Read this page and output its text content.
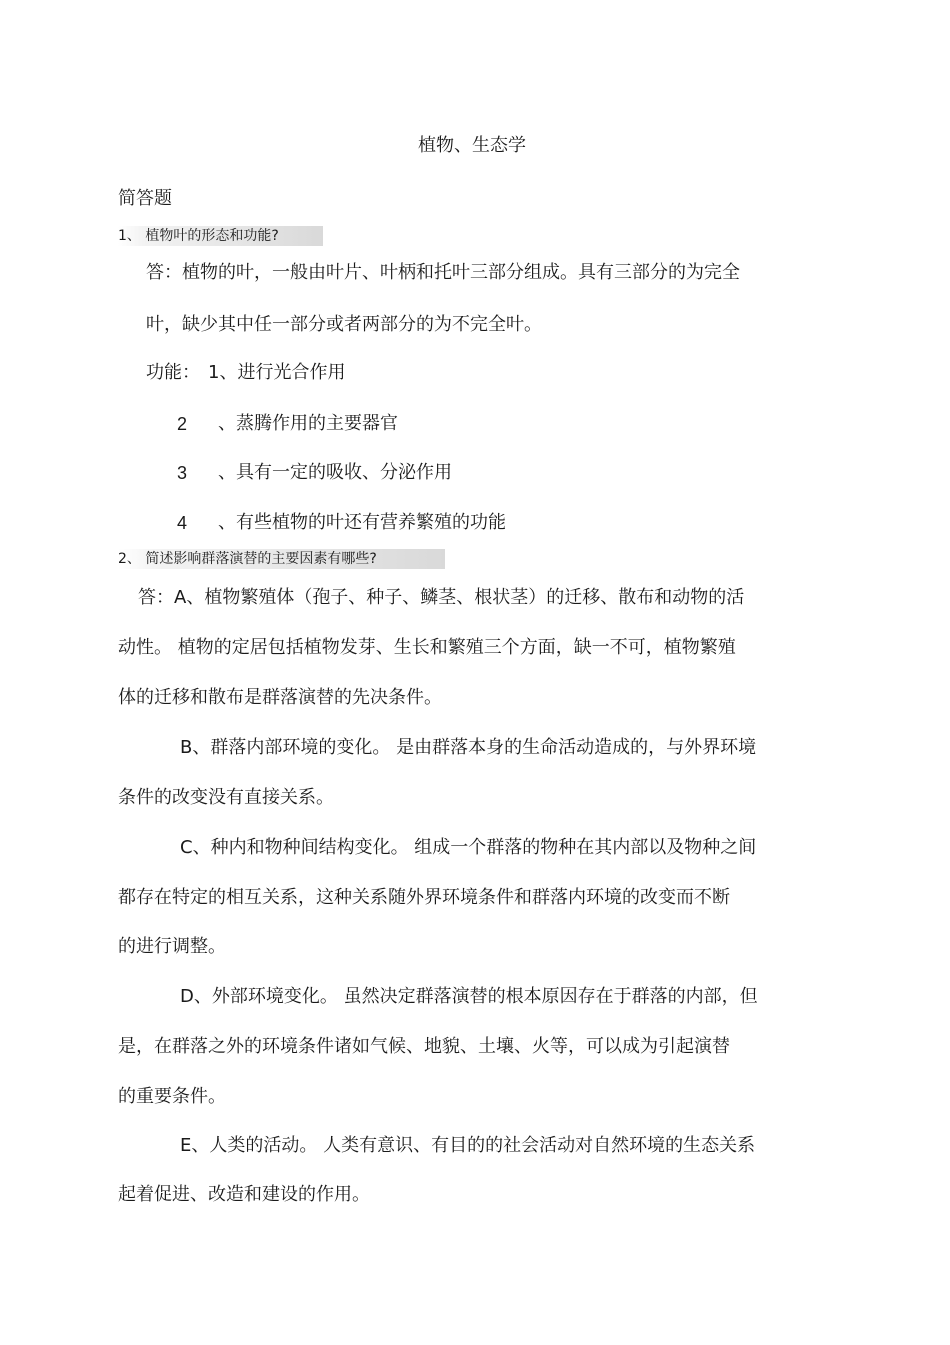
植物、生态学
简答题
1、 植物叶的形态和功能?
答：植物的叶，一般由叶片、叶柄和托叶三部分组成。具有三部分的为完全
叶，缺少其中任一部分或者两部分的为不完全叶。
功能： 1、进行光合作用
2 、蒸腾作用的主要器官
3 、具有一定的吸收、分泌作用
4 、有些植物的叶还有营养繁殖的功能
2、 简述影响群落演替的主要因素有哪些?
答：A、植物繁殖体（孢子、种子、鳞茎、根状茎）的迁移、散布和动物的活
动性。 植物的定居包括植物发芽、生长和繁殖三个方面，缺一不可，植物繁殖
体的迁移和散布是群落演替的先决条件。
B、群落内部环境的变化。 是由群落本身的生命活动造成的，与外界环境
条件的改变没有直接关系。
C、种内和物种间结构变化。 组成一个群落的物种在其内部以及物种之间
都存在特定的相互关系，这种关系随外界环境条件和群落内环境的改变而不断
的进行调整。
D、外部环境变化。 虽然决定群落演替的根本原因存在于群落的内部，但
是，在群落之外的环境条件诸如气候、地貌、土壤、火等，可以成为引起演替
的重要条件。
E、人类的活动。 人类有意识、有目的的社会活动对自然环境的生态关系
起着促进、改造和建设的作用。
